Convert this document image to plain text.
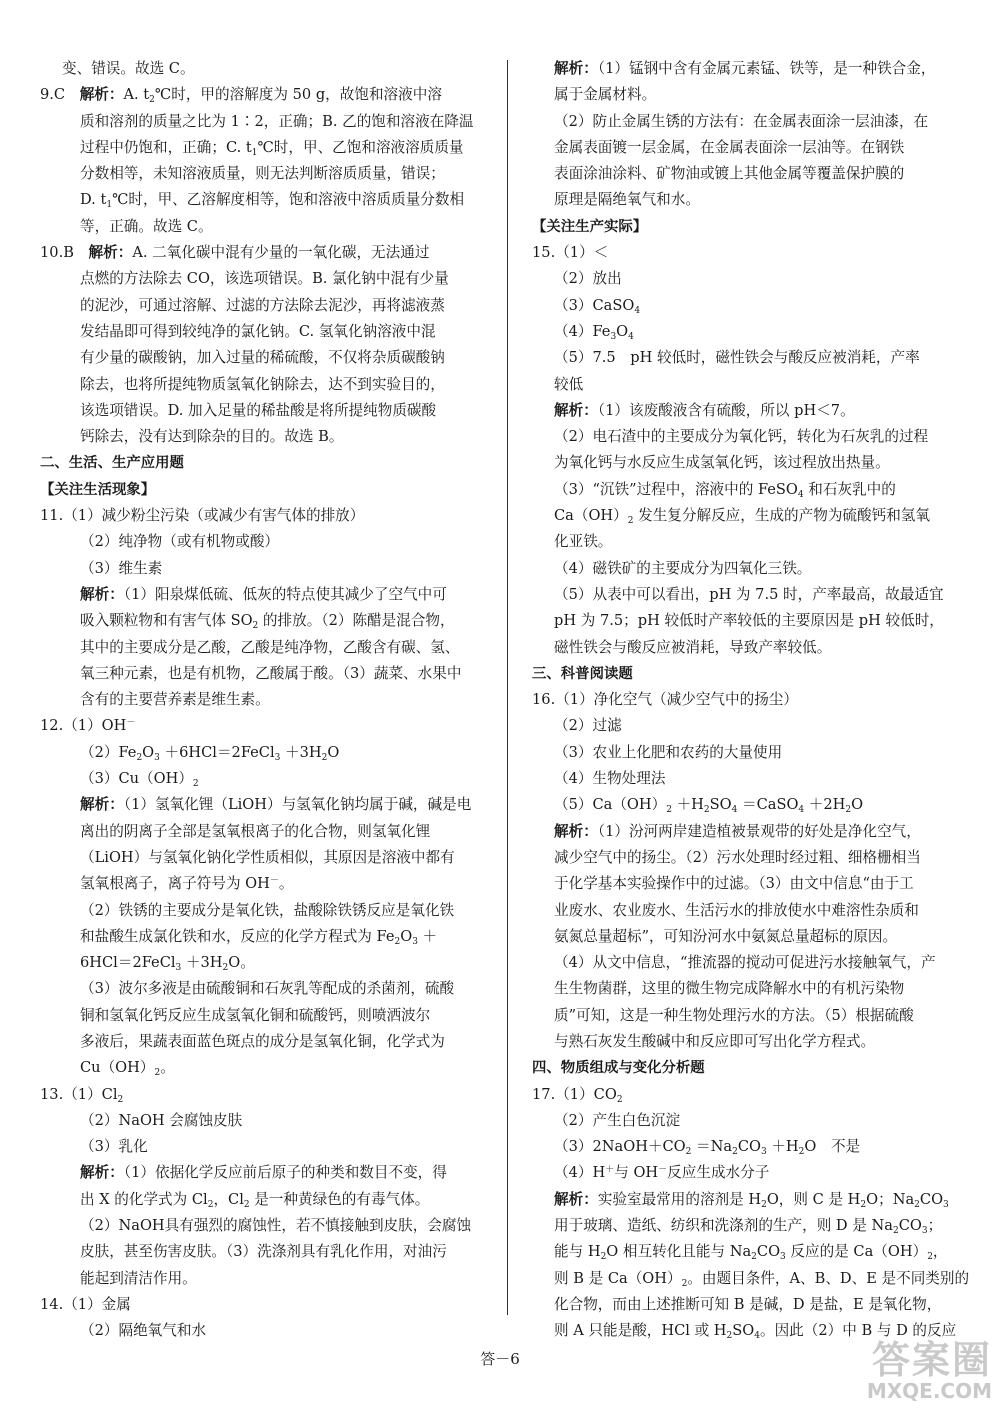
变、错误。故选 C。
9.C　解析：A. $t_2℃$时，甲的溶解度为 50 g，故饱和溶液中溶
质和溶剂的质量之比为 1∶2，正确；B. 乙的饱和溶液在降温
过程中仍饱和，正确；C. $t_1℃$时，甲、乙饱和溶液溶质质量
分数相等，未知溶液质量，则无法判断溶质质量，错误；
D. $t_1℃$时，甲、乙溶解度相等，饱和溶液中溶质质量分数相
等，正确。故选 C。
10.B　解析：A. 二氧化碳中混有少量的一氧化碳，无法通过
点燃的方法除去 CO，该选项错误。B. 氯化钠中混有少量
的泥沙，可通过溶解、过滤的方法除去泥沙，再将滤液蒸
发结晶即可得到较纯净的氯化钠。C. 氢氧化钠溶液中混
有少量的碳酸钠，加入过量的稀硫酸，不仅将杂质碳酸钠
除去，也将所提纯物质氢氧化钠除去，达不到实验目的，
该选项错误。D. 加入足量的稀盐酸是将所提纯物质碳酸
钙除去，没有达到除杂的目的。故选 B。
二、生活、生产应用题
【关注生活现象】
11.（1）减少粉尘污染（或减少有害气体的排放）
（2）纯净物（或有机物或酸）
（3）维生素
解析：（1）阳泉煤低硫、低灰的特点使其减少了空气中可
吸入颗粒物和有害气体 $SO_2$ 的排放。（2）陈醋是混合物，
其中的主要成分是乙酸，乙酸是纯净物，乙酸含有碳、氢、
氧三种元素，也是有机物，乙酸属于酸。（3）蔬菜、水果中
含有的主要营养素是维生素。
12.（1）OH－
$(2)Fe_2O_3$ ＋6HCl＝2FeCl$_3$ $+3H_2O$
$(3)Cu(OH)_2$
解析：（1）氢氧化锂（LiOH）与氢氧化钠均属于碱，碱是电
离出的阴离子全部是氢氧根离子的化合物，则氢氧化锂
（LiOH）与氢氧化钠化学性质相似，其原因是溶液中都有
氢氧根离子，离子符号为 OH－。
（2）铁锈的主要成分是氧化铁，盐酸除铁锈反应是氧化铁
和盐酸生成氯化铁和水，反应的化学方程式为 $Fe_2O_3$ ＋
6HCl＝2FeCl$_3$ $+3H_2O$。
（3）波尔多液是由硫酸铜和石灰乳等配成的杀菌剂，硫酸
铜和氢氧化钙反应生成氢氧化铜和硫酸钙，则喷洒波尔
多液后，果蔬表面蓝色斑点的成分是氢氧化铜，化学式为
$Cu(OH)_2$。
$13.(1)Cl_2$
（2）NaOH 会腐蚀皮肤
（3）乳化
解析：（1）依据化学反应前后原子的种类和数目不变，得
出 X 的化学式为 $Cl_2$，$Cl_2$ 是一种黄绿色的有毒气体。
（2）NaOH具有强烈的腐蚀性，若不慎接触到皮肤，会腐蚀
皮肤，甚至伤害皮肤。（3）洗涤剂具有乳化作用，对油污
能起到清洁作用。
14.（1）金属
（2）隔绝氧气和水
解析：（1）锰钢中含有金属元素锰、铁等，是一种铁合金，
属于金属材料。
（2）防止金属生锈的方法有：在金属表面涂一层油漆，在
金属表面镀一层金属，在金属表面涂一层油等。在钢铁
表面涂油涂料、矿物油或镀上其他金属等覆盖保护膜的
原理是隔绝氧气和水。
【关注生产实际】
15.（1）＜
（2）放出
（3）CaSO$_4$
$(4)Fe_3O_4$
（5）7.5　pH 较低时，磁性铁会与酸反应被消耗，产率
较低
解析：（1）该废酸液含有硫酸，所以 pH＜7。
（2）电石渣中的主要成分为氧化钙，转化为石灰乳的过程
为氧化钙与水反应生成氢氧化钙，该过程放出热量。
（3）“沉铁”过程中，溶液中的 FeSO$_4$ 和石灰乳中的
$Ca(OH)_2$ 发生复分解反应，生成的产物为硫酸钙和氢氧
化亚铁。
（4）磁铁矿的主要成分为四氧化三铁。
（5）从表中可以看出，pH 为 7.5 时，产率最高，故最适宜
pH 为 7.5；pH 较低时产率较低的主要原因是 pH 较低时，
磁性铁会与酸反应被消耗，导致产率较低。
三、科普阅读题
16.（1）净化空气（减少空气中的扬尘）
（2）过滤
（3）农业上化肥和农药的大量使用
（4）生物处理法
$(5)Ca(OH)_2 +H_2SO_4$ ＝CaSO$_4$ $+2H_2O$
解析：（1）汾河两岸建造植被景观带的好处是净化空气，
减少空气中的扬尘。（2）污水处理时经过粗、细格栅相当
于化学基本实验操作中的过滤。（3）由文中信息“由于工
业废水、农业废水、生活污水的排放使水中难溶性杂质和
氨氮总量超标”，可知汾河水中氨氮总量超标的原因。
（4）从文中信息，“推流器的搅动可促进污水接触氧气，产
生生物菌群，这里的微生物完成降解水中的有机污染物
质”可知，这是一种生物处理污水的方法。（5）根据硫酸
与熟石灰发生酸碱中和反应即可写出化学方程式。
四、物质组成与变化分析题
$17.(1)CO_2$
（2）产生白色沉淀
$(3)2NaOH+CO_2 =Na_2CO_3 +H_2O$　不是
（4）H＋与 OH－反应生成水分子
解析：实验室最常用的溶剂是 $H_2O$，则 C 是 $H_2O$；$Na_2CO_3$
用于玻璃、造纸、纺织和洗涤剂的生产，则 D 是 $Na_2CO_3$；
能与 $H_2O$ 相互转化且能与 $Na_2CO_3$ 反应的是 $Ca(OH)_2$，
则 B 是 $Ca(OH)_2$。由题目条件，A、B、D、E 是不同类别的
化合物，而由上述推断可知 B 是碱，D 是盐，E 是氧化物，
则 A 只能是酸，HCl 或 $H_2SO_4$。因此（2）中 B 与 D 的反应
答－6	答案圈
MXQE.COM
